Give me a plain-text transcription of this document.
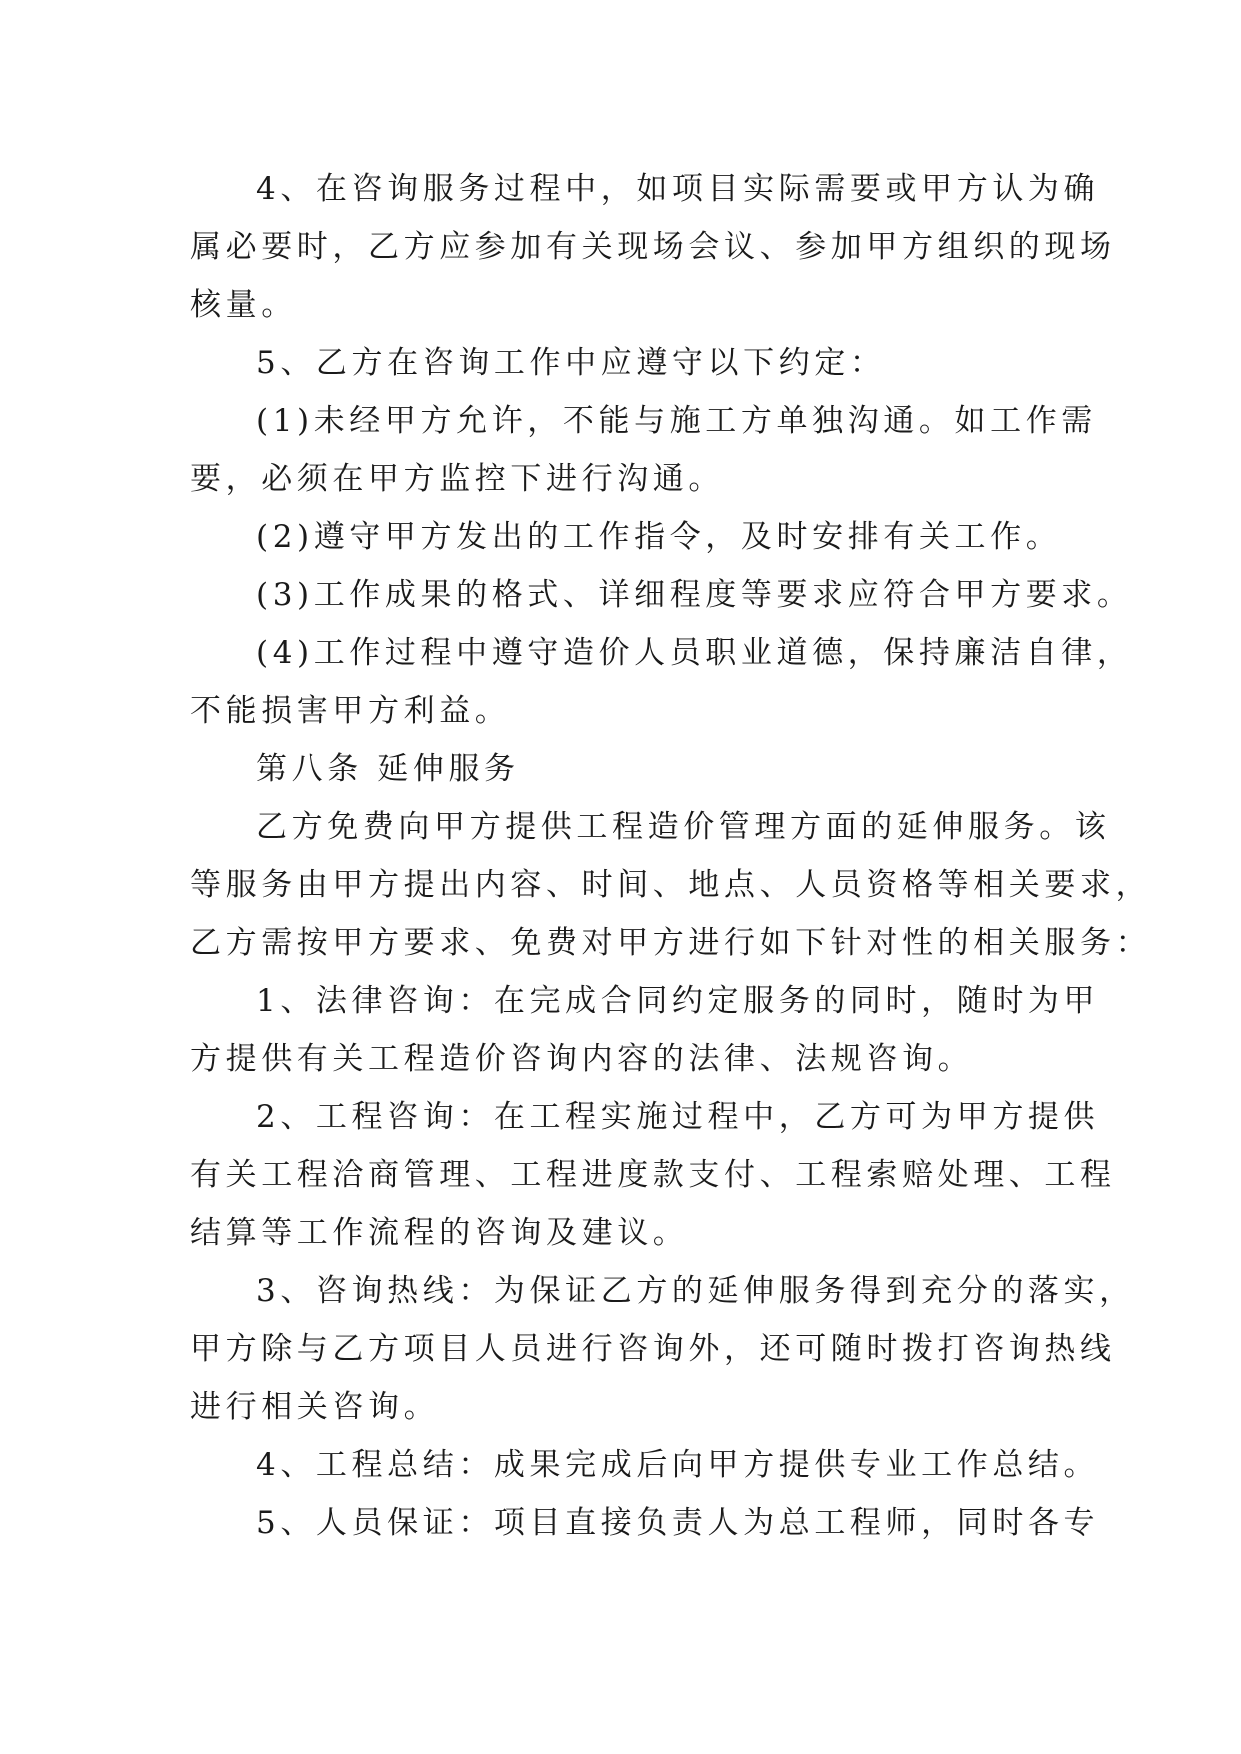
4、在咨询服务过程中，如项目实际需要或甲方认为确
属必要时，乙方应参加有关现场会议、参加甲方组织的现场
核量。
5、乙方在咨询工作中应遵守以下约定：
(1)未经甲方允许，不能与施工方单独沟通。如工作需
要，必须在甲方监控下进行沟通。
(2)遵守甲方发出的工作指令，及时安排有关工作。
(3)工作成果的格式、详细程度等要求应符合甲方要求。
(4)工作过程中遵守造价人员职业道德，保持廉洁自律，
不能损害甲方利益。
第八条 延伸服务
乙方免费向甲方提供工程造价管理方面的延伸服务。该
等服务由甲方提出内容、时间、地点、人员资格等相关要求，
乙方需按甲方要求、免费对甲方进行如下针对性的相关服务：
1、法律咨询：在完成合同约定服务的同时，随时为甲
方提供有关工程造价咨询内容的法律、法规咨询。
2、工程咨询：在工程实施过程中，乙方可为甲方提供
有关工程洽商管理、工程进度款支付、工程索赔处理、工程
结算等工作流程的咨询及建议。
3、咨询热线：为保证乙方的延伸服务得到充分的落实，
甲方除与乙方项目人员进行咨询外，还可随时拨打咨询热线
进行相关咨询。
4、工程总结：成果完成后向甲方提供专业工作总结。
5、人员保证：项目直接负责人为总工程师，同时各专
